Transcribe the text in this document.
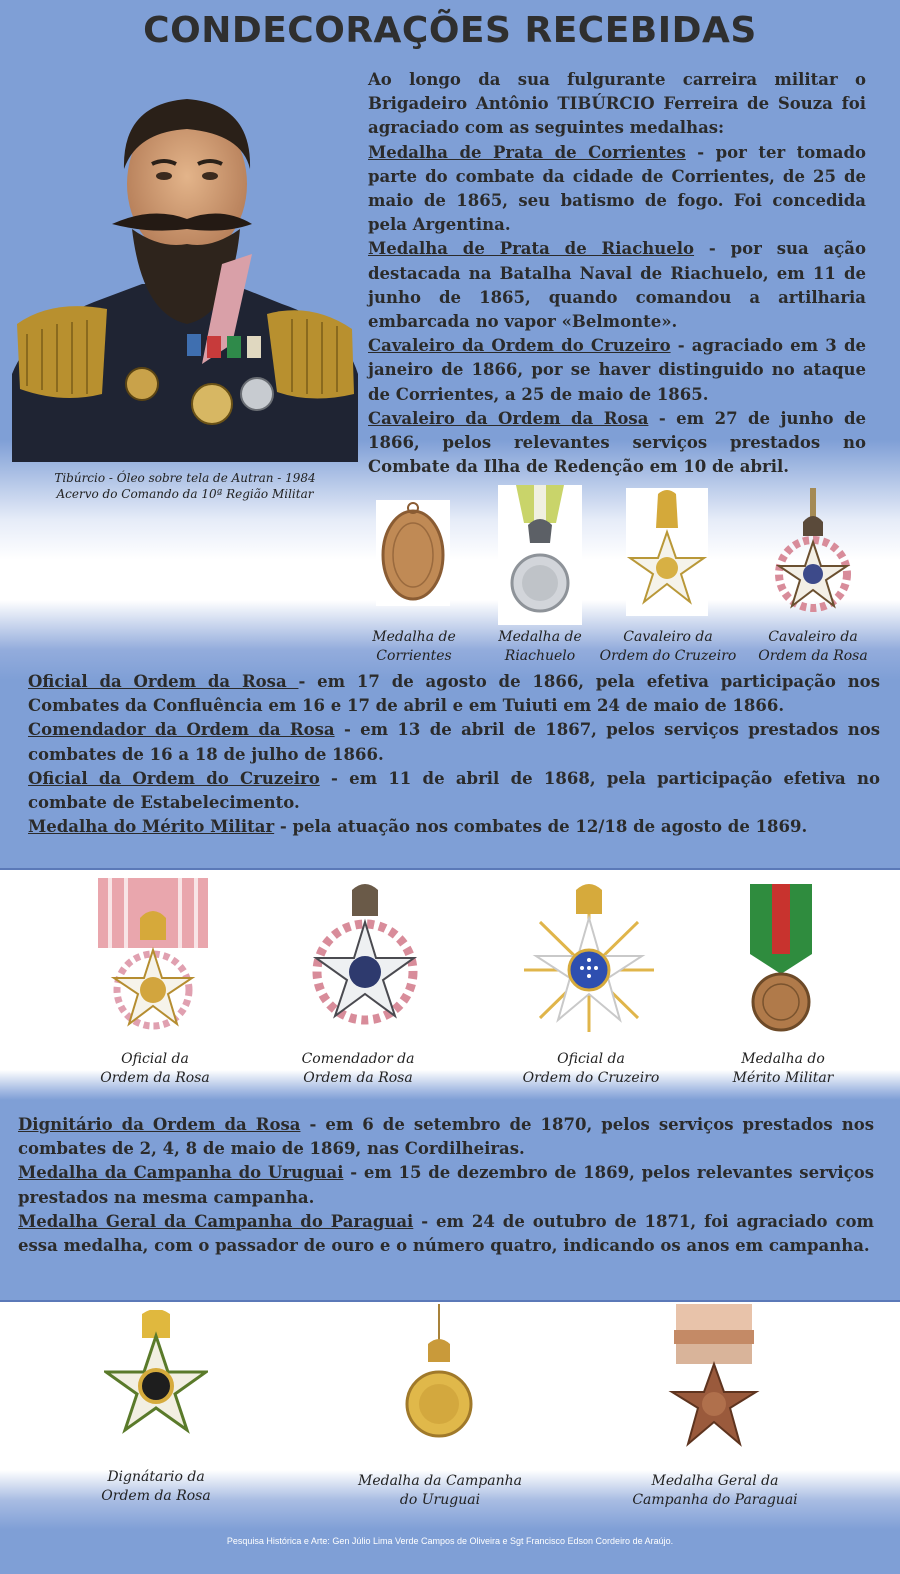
CONDECORAÇÕES RECEBIDAS
Tibúrcio - Óleo sobre tela de Autran - 1984
Acervo do Comando da 10ª Região Militar

Ao longo da sua fulgurante carreira militar o Brigadeiro Antônio TIBÚRCIO Ferreira de Souza foi agraciado com as seguintes medalhas:

Medalha de Prata de Corrientes - por ter tomado parte do combate da cidade de Corrientes, de 25 de maio de 1865, seu batismo de fogo. Foi concedida pela Argentina.

Medalha de Prata de Riachuelo - por sua ação destacada na Batalha Naval de Riachuelo, em 11 de junho de 1865, quando comandou a artilharia embarcada no vapor «Belmonte».

Cavaleiro da Ordem do Cruzeiro - agraciado em 3 de janeiro de 1866, por se haver distinguido no ataque de Corrientes, a 25 de maio de 1865.

Cavaleiro da Ordem da Rosa - em 27 de junho de 1866, pelos relevantes serviços prestados no Combate da Ilha de Redenção em 10 de abril.

Medalha de
Corrientes
Medalha de
Riachuelo
Cavaleiro da
Ordem do Cruzeiro
Cavaleiro da
Ordem da Rosa

Oficial da Ordem da Rosa - em 17 de agosto de 1866, pela efetiva participação nos Combates da Confluência em 16 e 17 de abril e em Tuiuti em 24 de maio de 1866.

Comendador da Ordem da Rosa - em 13 de abril de 1867, pelos serviços prestados nos combates de 16 a 18 de julho de 1866.

Oficial da Ordem do Cruzeiro - em 11 de abril de 1868, pela participação efetiva no combate de Estabelecimento.

Medalha do Mérito Militar - pela atuação nos combates de 12/18 de agosto de 1869.

Oficial da
Ordem da Rosa
Comendador da
Ordem da Rosa
Oficial da
Ordem do Cruzeiro
Medalha do
Mérito Militar

Dignitário da Ordem da Rosa - em 6 de setembro de 1870, pelos serviços prestados nos combates de 2, 4, 8 de maio de 1869, nas Cordilheiras.

Medalha da Campanha do Uruguai - em 15 de dezembro de 1869, pelos relevantes serviços prestados na mesma campanha.

Medalha Geral da Campanha do Paraguai - em 24 de outubro de 1871, foi agraciado com essa medalha, com o passador de ouro e o número quatro, indicando os anos em campanha.

Dignátario da
Ordem da Rosa
Medalha da Campanha
do Uruguai
Medalha Geral da
Campanha do Paraguai
Pesquisa Histórica e Arte: Gen Júlio Lima Verde Campos de Oliveira e Sgt Francisco Edson Cordeiro de Araújo.
